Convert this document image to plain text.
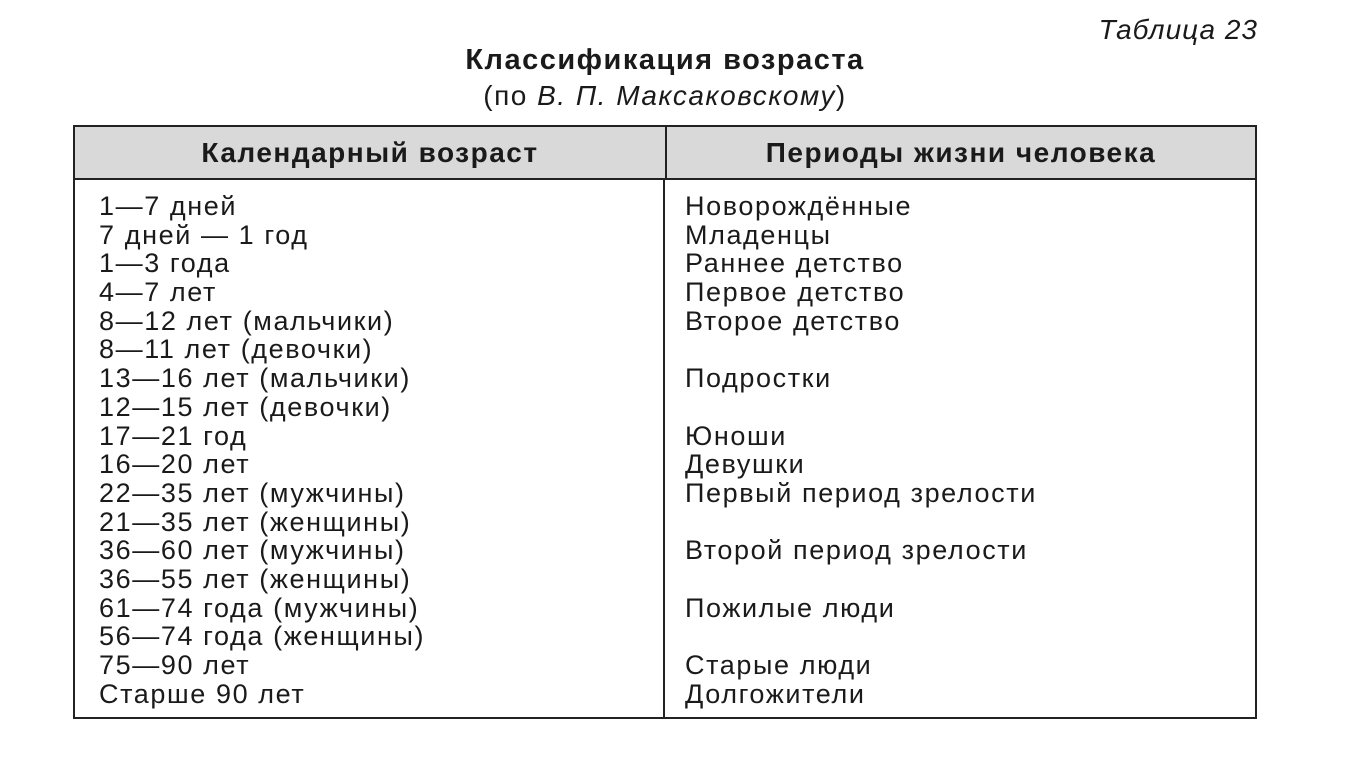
Таблица 23
Классификация возраста
(по В. П. Максаковскому)
Календарный возраст	Периоды жизни человека
1—7 дней
7 дней — 1 год
1—3 года
4—7 лет
8—12 лет (мальчики)
8—11 лет (девочки)
13—16 лет (мальчики)
12—15 лет (девочки)
17—21 год
16—20 лет
22—35 лет (мужчины)
21—35 лет (женщины)
36—60 лет (мужчины)
36—55 лет (женщины)
61—74 года (мужчины)
56—74 года (женщины)
75—90 лет
Старше 90 лет
Новорождённые
Младенцы
Раннее детство
Первое детство
Второе детство
Подростки
Юноши
Девушки
Первый период зрелости
Второй период зрелости
Пожилые люди
Старые люди
Долгожители
